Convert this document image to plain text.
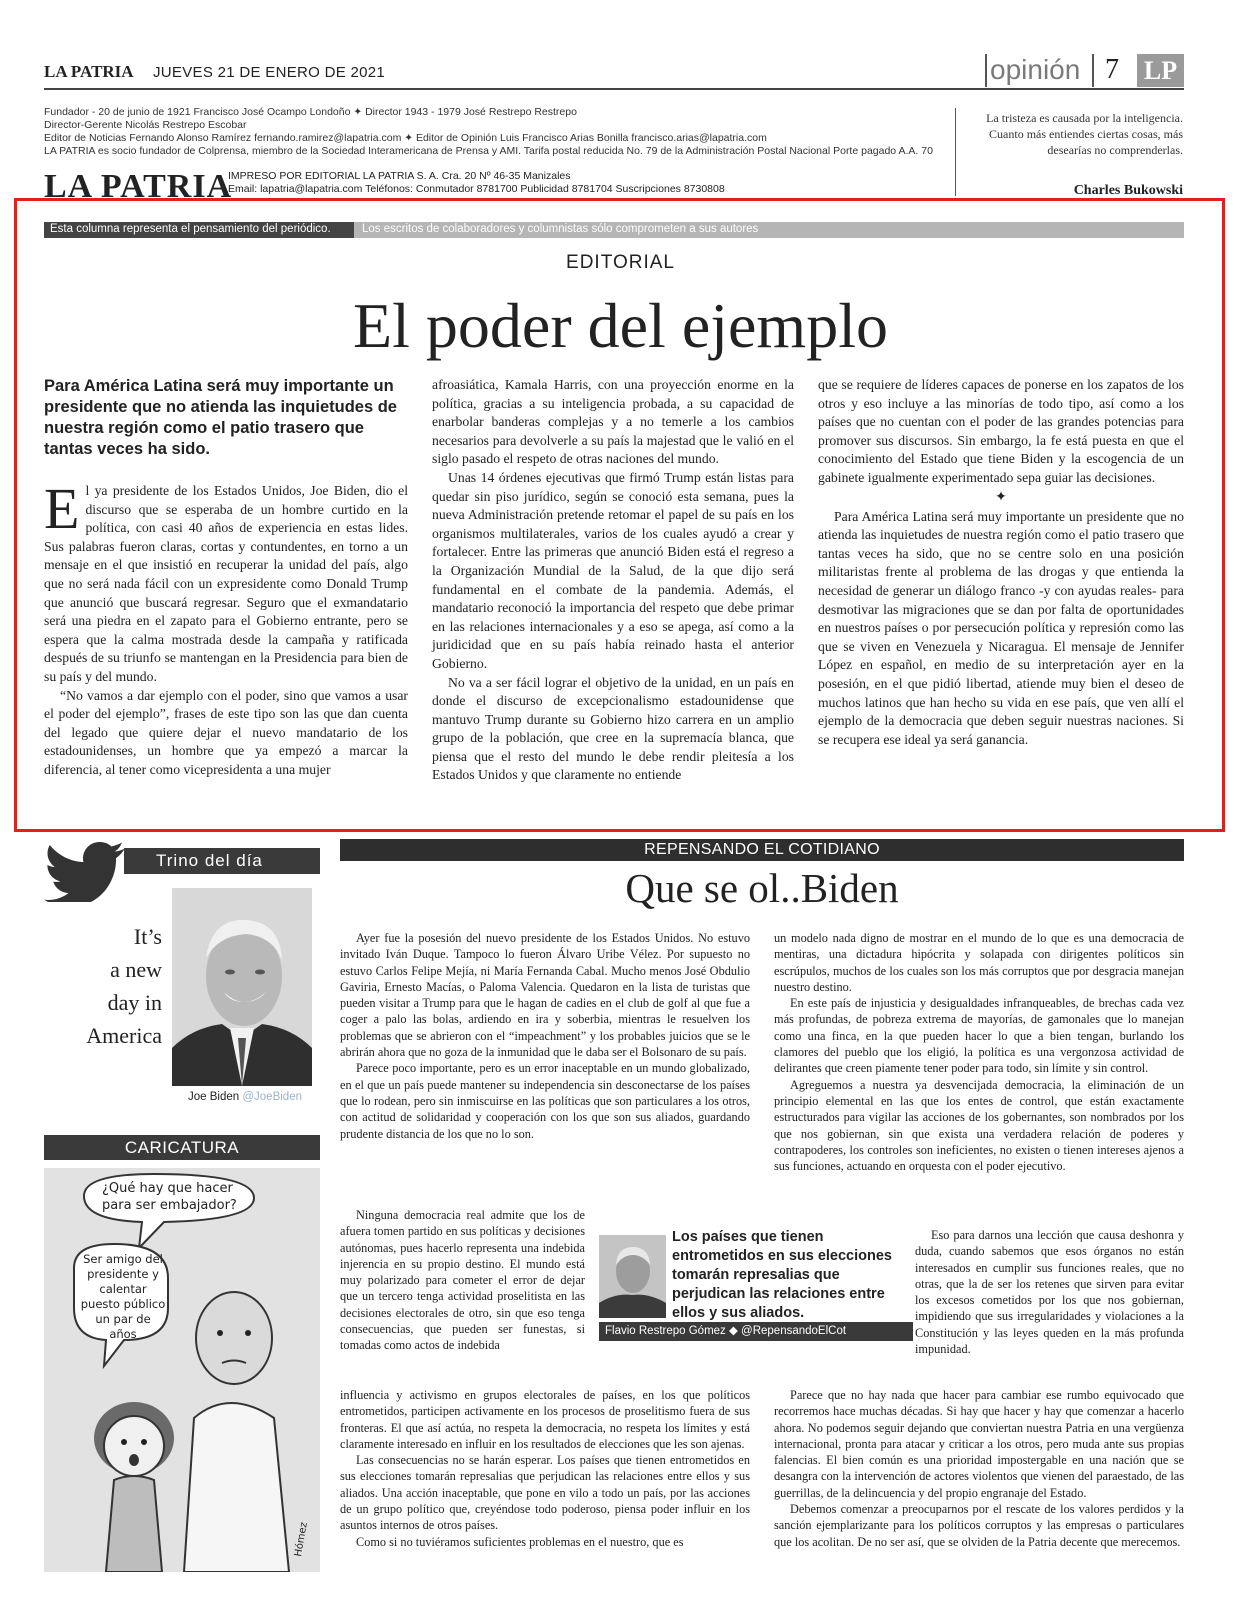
LA PATRIA JUEVES 21 DE ENERO DE 2021	opinión 7 LP
Fundador - 20 de junio de 1921 Francisco José Ocampo Londoño ✦ Director 1943 - 1979 José Restrepo Restrepo
Director-Gerente Nicolás Restrepo Escobar
Editor de Noticias Fernando Alonso Ramírez fernando.ramirez@lapatria.com ✦ Editor de Opinión Luis Francisco Arias Bonilla francisco.arias@lapatria.com
LA PATRIA es socio fundador de Colprensa, miembro de la Sociedad Interamericana de Prensa y AMI. Tarifa postal reducida No. 79 de la Administración Postal Nacional Porte pagado A.A. 70
LA PATRIA
IMPRESO POR EDITORIAL LA PATRIA S. A. Cra. 20 Nº 46-35 Manizales
Email: lapatria@lapatria.com Teléfonos: Conmutador 8781700 Publicidad 8781704 Suscripciones 8730808
La tristeza es causada por la inteligencia. Cuanto más entiendes ciertas cosas, más desearías no comprenderlas.
Charles Bukowski
Esta columna representa el pensamiento del periódico.	Los escritos de colaboradores y columnistas sólo comprometen a sus autores
EDITORIAL
El poder del ejemplo
Para América Latina será muy importante un presidente que no atienda las inquietudes de nuestra región como el patio trasero que tantas veces ha sido.

El ya presidente de los Estados Unidos, Joe Biden, dio el discurso que se esperaba de un hombre curtido en la política, con casi 40 años de experiencia en estas lides. Sus palabras fueron claras, cortas y contundentes, en torno a un mensaje en el que insistió en recuperar la unidad del país, algo que no será nada fácil con un expresidente como Donald Trump que anunció que buscará regresar. Seguro que el exmandatario será una piedra en el zapato para el Gobierno entrante, pero se espera que la calma mostrada desde la campaña y ratificada después de su triunfo se mantengan en la Presidencia para bien de su país y del mundo.

“No vamos a dar ejemplo con el poder, sino que vamos a usar el poder del ejemplo”, frases de este tipo son las que dan cuenta del legado que quiere dejar el nuevo mandatario de los estadounidenses, un hombre que ya empezó a marcar la diferencia, al tener como vicepresidenta a una mujer

afroasiática, Kamala Harris, con una proyección enorme en la política, gracias a su inteligencia probada, a su capacidad de enarbolar banderas complejas y a no temerle a los cambios necesarios para devolverle a su país la majestad que le valió en el siglo pasado el respeto de otras naciones del mundo.

Unas 14 órdenes ejecutivas que firmó Trump están listas para quedar sin piso jurídico, según se conoció esta semana, pues la nueva Administración pretende retomar el papel de su país en los organismos multilaterales, varios de los cuales ayudó a crear y fortalecer. Entre las primeras que anunció Biden está el regreso a la Organización Mundial de la Salud, de la que dijo será fundamental en el combate de la pandemia. Además, el mandatario reconoció la importancia del respeto que debe primar en las relaciones internacionales y a eso se apega, así como a la juridicidad que en su país había reinado hasta el anterior Gobierno.

No va a ser fácil lograr el objetivo de la unidad, en un país en donde el discurso de excepcionalismo estadounidense que mantuvo Trump durante su Gobierno hizo carrera en un amplio grupo de la población, que cree en la supremacía blanca, que piensa que el resto del mundo le debe rendir pleitesía a los Estados Unidos y que claramente no entiende

que se requiere de líderes capaces de ponerse en los zapatos de los otros y eso incluye a las minorías de todo tipo, así como a los países que no cuentan con el poder de las grandes potencias para promover sus discursos. Sin embargo, la fe está puesta en que el conocimiento del Estado que tiene Biden y la escogencia de un gabinete igualmente experimentado sepa guiar las decisiones.

✦

Para América Latina será muy importante un presidente que no atienda las inquietudes de nuestra región como el patio trasero que tantas veces ha sido, que no se centre solo en una posición militaristas frente al problema de las drogas y que entienda la necesidad de generar un diálogo franco -y con ayudas reales- para desmotivar las migraciones que se dan por falta de oportunidades en nuestros países o por persecución política y represión como las que se viven en Venezuela y Nicaragua. El mensaje de Jennifer López en español, en medio de su interpretación ayer en la posesión, en el que pidió libertad, atiende muy bien el deseo de muchos latinos que han hecho su vida en ese país, que ven allí el ejemplo de la democracia que deben seguir nuestras naciones. Si se recupera ese ideal ya será ganancia.

Trino del día
It’s
a new
day in
America
Joe Biden @JoeBiden
CARICATURA
¿Qué hay que hacer para ser embajador?
Ser amigo del presidente y calentar puesto público un par de años
Hómez
REPENSANDO EL COTIDIANO
Que se ol..Biden

Ayer fue la posesión del nuevo presidente de los Estados Unidos. No estuvo invitado Iván Duque. Tampoco lo fueron Álvaro Uribe Vélez. Por supuesto no estuvo Carlos Felipe Mejía, ni María Fernanda Cabal. Mucho menos José Obdulio Gaviria, Ernesto Macías, o Paloma Valencia. Quedaron en la lista de turistas que pueden visitar a Trump para que le hagan de cadies en el club de golf al que fue a coger a palo las bolas, ardiendo en ira y soberbia, mientras le resuelven los problemas que se abrieron con el “impeachment” y los probables juicios que se le abrirán ahora que no goza de la inmunidad que le daba ser el Bolsonaro de su país.

Parece poco importante, pero es un error inaceptable en un mundo globalizado, en el que un país puede mantener su independencia sin desconectarse de los países que lo rodean, pero sin inmiscuirse en las políticas que son particulares a los otros, con actitud de solidaridad y cooperación con los que son sus aliados, guardando prudente distancia de los que no lo son.

Ninguna democracia real admite que los de afuera tomen partido en sus políticas y decisiones autónomas, pues hacerlo representa una indebida injerencia en su propio destino. El mundo está muy polarizado para cometer el error de dejar que un tercero tenga actividad proselitista en las decisiones electorales de otro, sin que eso tenga consecuencias, que pueden ser funestas, si tomadas como actos de indebida

influencia y activismo en grupos electorales de países, en los que políticos entrometidos, participen activamente en los procesos de proselitismo fuera de sus fronteras. El que así actúa, no respeta la democracia, no respeta los límites y está claramente interesado en influir en los resultados de elecciones que les son ajenas.

Las consecuencias no se harán esperar. Los países que tienen entrometidos en sus elecciones tomarán represalias que perjudican las relaciones entre ellos y sus aliados. Una acción inaceptable, que pone en vilo a todo un país, por las acciones de un grupo político que, creyéndose todo poderoso, piensa poder influir en los asuntos internos de otros países.

Como si no tuviéramos suficientes problemas en el nuestro, que es

un modelo nada digno de mostrar en el mundo de lo que es una democracia de mentiras, una dictadura hipócrita y solapada con dirigentes políticos sin escrúpulos, muchos de los cuales son los más corruptos que por desgracia manejan nuestro destino.

En este país de injusticia y desigualdades infranqueables, de brechas cada vez más profundas, de pobreza extrema de mayorías, de gamonales que lo manejan como una finca, en la que pueden hacer lo que a bien tengan, burlando los clamores del pueblo que los eligió, la política es una vergonzosa actividad de delirantes que creen piamente tener poder para todo, sin límite y sin control.

Agreguemos a nuestra ya desvencijada democracia, la eliminación de un principio elemental en las que los entes de control, que están exactamente estructurados para vigilar las acciones de los gobernantes, son nombrados por los que nos gobiernan, sin que exista una verdadera relación de poderes y contrapoderes, los controles son ineficientes, no existen o tienen intereses ajenos a sus funciones, actuando en orquesta con el poder ejecutivo.

Eso para darnos una lección que causa deshonra y duda, cuando sabemos que esos órganos no están interesados en cumplir sus funciones reales, que no otras, que la de ser los retenes que sirven para evitar los excesos cometidos por los que nos gobiernan, impidiendo que sus irregularidades y violaciones a la Constitución y las leyes queden en la más profunda impunidad.

Parece que no hay nada que hacer para cambiar ese rumbo equivocado que recorremos hace muchas décadas. Si hay que hacer y hay que comenzar a hacerlo ahora. No podemos seguir dejando que conviertan nuestra Patria en una vergüenza internacional, pronta para atacar y criticar a los otros, pero muda ante sus propias falencias. El bien común es una prioridad impostergable en una nación que se desangra con la intervención de actores violentos que vienen del paraestado, de las guerrillas, de la delincuencia y del propio engranaje del Estado.

Debemos comenzar a preocuparnos por el rescate de los valores perdidos y la sanción ejemplarizante para los políticos corruptos y las empresas o particulares que los acolitan. De no ser así, que se olviden de la Patria decente que merecemos.

Los países que tienen entrometidos en sus elecciones tomarán represalias que perjudican las relaciones entre ellos y sus aliados.
Flavio Restrepo Gómez ◆ @RepensandoElCot
